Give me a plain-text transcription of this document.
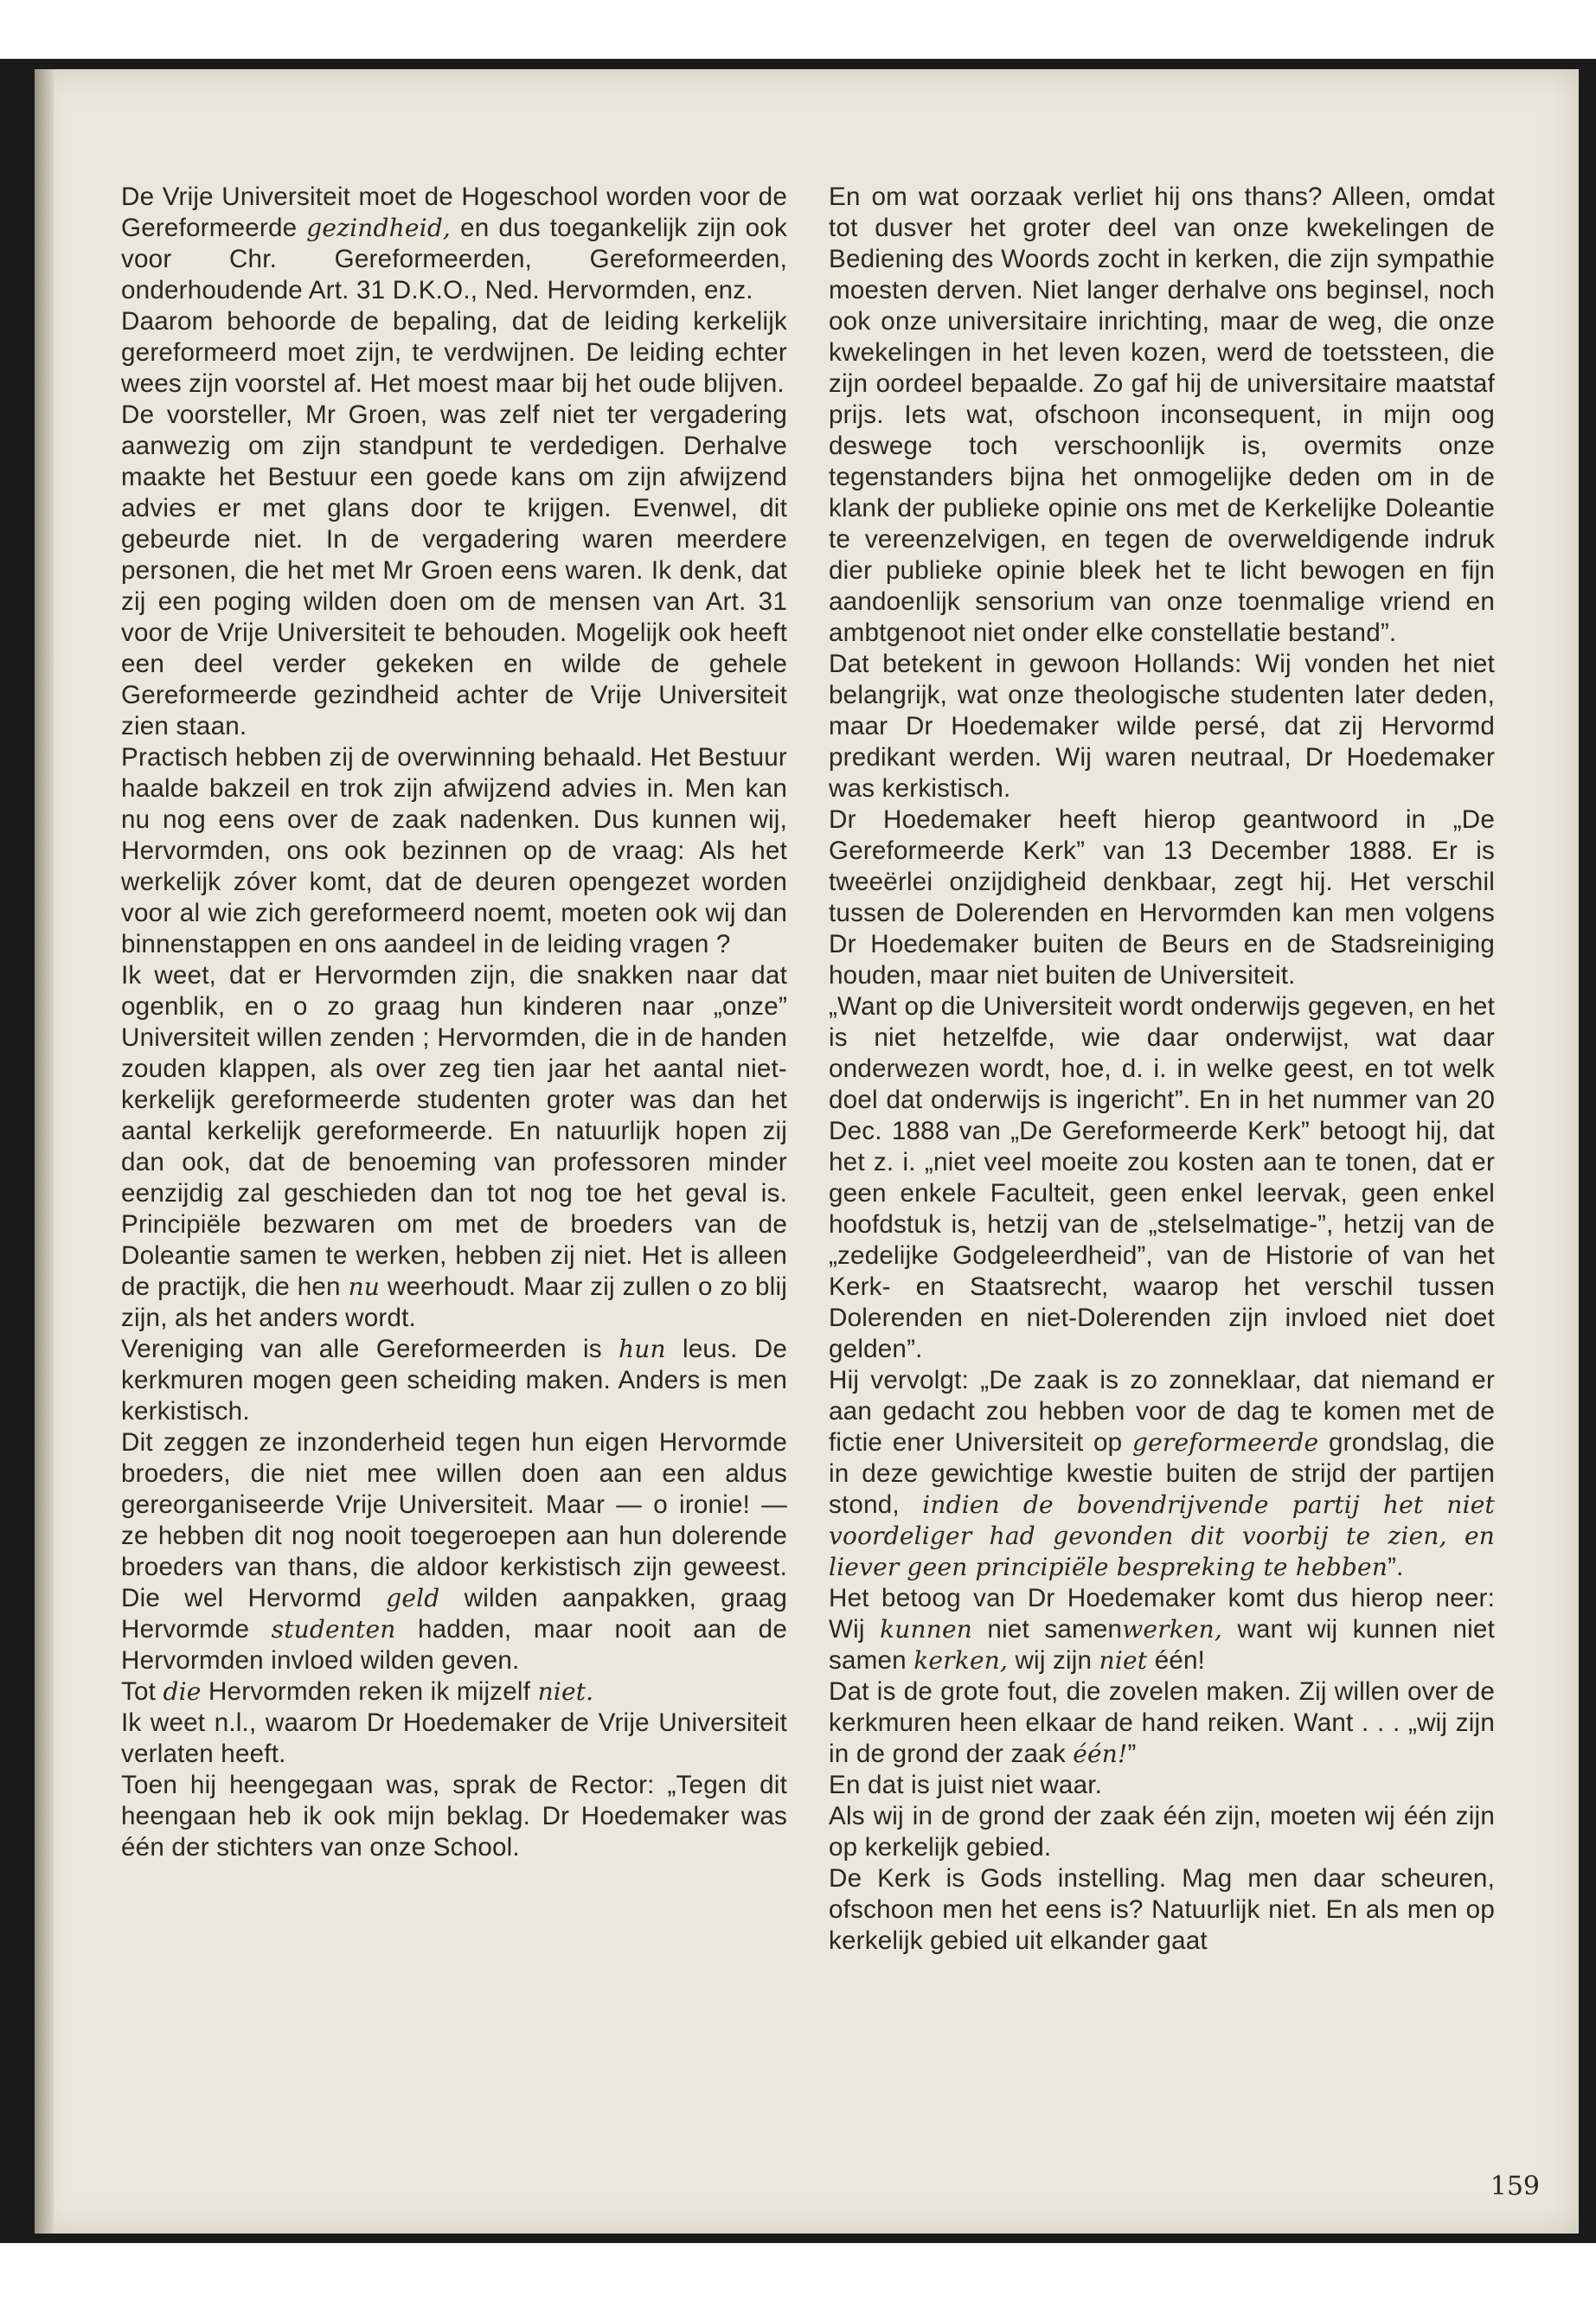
De Vrije Universiteit moet de Hogeschool worden voor de Gereformeerde gezindheid, en dus toegankelijk zijn ook voor Chr. Gereformeerden, Gereformeerden, onderhoudende Art. 31 D.K.O., Ned. Hervormden, enz.

Daarom behoorde de bepaling, dat de leiding kerkelijk gereformeerd moet zijn, te verdwijnen. De leiding echter wees zijn voorstel af. Het moest maar bij het oude blijven.

De voorsteller, Mr Groen, was zelf niet ter vergadering aanwezig om zijn standpunt te verdedigen. Derhalve maakte het Bestuur een goede kans om zijn afwijzend advies er met glans door te krijgen. Evenwel, dit gebeurde niet. In de vergadering waren meerdere personen, die het met Mr Groen eens waren. Ik denk, dat zij een poging wilden doen om de mensen van Art. 31 voor de Vrije Universiteit te behouden. Mogelijk ook heeft een deel verder gekeken en wilde de gehele Gereformeerde gezindheid achter de Vrije Universiteit zien staan.

Practisch hebben zij de overwinning behaald. Het Bestuur haalde bakzeil en trok zijn afwijzend advies in. Men kan nu nog eens over de zaak nadenken. Dus kunnen wij, Hervormden, ons ook bezinnen op de vraag: Als het werkelijk zóver komt, dat de deuren opengezet worden voor al wie zich gereformeerd noemt, moeten ook wij dan binnenstappen en ons aandeel in de leiding vragen ?

Ik weet, dat er Hervormden zijn, die snakken naar dat ogenblik, en o zo graag hun kinderen naar „onze” Universiteit willen zenden ; Hervormden, die in de handen zouden klappen, als over zeg tien jaar het aantal niet-kerkelijk gereformeerde studenten groter was dan het aantal kerkelijk gereformeerde. En natuurlijk hopen zij dan ook, dat de benoeming van professoren minder eenzijdig zal geschieden dan tot nog toe het geval is. Principiële bezwaren om met de broeders van de Doleantie samen te werken, hebben zij niet. Het is alleen de practijk, die hen nu weerhoudt. Maar zij zullen o zo blij zijn, als het anders wordt.

Vereniging van alle Gereformeerden is hun leus. De kerkmuren mogen geen scheiding maken. Anders is men kerkistisch.

Dit zeggen ze inzonderheid tegen hun eigen Hervormde broeders, die niet mee willen doen aan een aldus gereorganiseerde Vrije Universiteit. Maar — o ironie! — ze hebben dit nog nooit toegeroepen aan hun dolerende broeders van thans, die aldoor kerkistisch zijn geweest. Die wel Hervormd geld wilden aanpakken, graag Hervormde studenten hadden, maar nooit aan de Hervormden invloed wilden geven.

Tot die Hervormden reken ik mijzelf niet.

Ik weet n.l., waarom Dr Hoedemaker de Vrije Universiteit verlaten heeft.

Toen hij heengegaan was, sprak de Rector: „Tegen dit heengaan heb ik ook mijn beklag. Dr Hoedemaker was één der stichters van onze School.

En om wat oorzaak verliet hij ons thans? Alleen, omdat tot dusver het groter deel van onze kwekelingen de Bediening des Woords zocht in kerken, die zijn sympathie moesten derven. Niet langer derhalve ons beginsel, noch ook onze universitaire inrichting, maar de weg, die onze kwekelingen in het leven kozen, werd de toetssteen, die zijn oordeel bepaalde. Zo gaf hij de universitaire maatstaf prijs. Iets wat, ofschoon inconsequent, in mijn oog deswege toch verschoonlijk is, overmits onze tegenstanders bijna het onmogelijke deden om in de klank der publieke opinie ons met de Kerkelijke Doleantie te vereenzelvigen, en tegen de overweldigende indruk dier publieke opinie bleek het te licht bewogen en fijn aandoenlijk sensorium van onze toenmalige vriend en ambtgenoot niet onder elke constellatie bestand”.

Dat betekent in gewoon Hollands: Wij vonden het niet belangrijk, wat onze theologische studenten later deden, maar Dr Hoedemaker wilde persé, dat zij Hervormd predikant werden. Wij waren neutraal, Dr Hoedemaker was kerkistisch.

Dr Hoedemaker heeft hierop geantwoord in „De Gereformeerde Kerk” van 13 December 1888. Er is tweeërlei onzijdigheid denkbaar, zegt hij. Het verschil tussen de Dolerenden en Hervormden kan men volgens Dr Hoedemaker buiten de Beurs en de Stadsreiniging houden, maar niet buiten de Universiteit.

„Want op die Universiteit wordt onderwijs gegeven, en het is niet hetzelfde, wie daar onderwijst, wat daar onderwezen wordt, hoe, d. i. in welke geest, en tot welk doel dat onderwijs is ingericht”. En in het nummer van 20 Dec. 1888 van „De Gereformeerde Kerk” betoogt hij, dat het z. i. „niet veel moeite zou kosten aan te tonen, dat er geen enkele Faculteit, geen enkel leervak, geen enkel hoofdstuk is, hetzij van de „stelselmatige-”, hetzij van de „zedelijke Godgeleerdheid”, van de Historie of van het Kerk- en Staatsrecht, waarop het verschil tussen Dolerenden en niet-Dolerenden zijn invloed niet doet gelden”.

Hij vervolgt: „De zaak is zo zonneklaar, dat niemand er aan gedacht zou hebben voor de dag te komen met de fictie ener Universiteit op gereformeerde grondslag, die in deze gewichtige kwestie buiten de strijd der partijen stond, indien de bovendrijvende partij het niet voordeliger had gevonden dit voorbij te zien, en liever geen principiële bespreking te hebben”.

Het betoog van Dr Hoedemaker komt dus hierop neer: Wij kunnen niet samenwerken, want wij kunnen niet samen kerken, wij zijn niet één!

Dat is de grote fout, die zovelen maken. Zij willen over de kerkmuren heen elkaar de hand reiken. Want . . . „wij zijn in de grond der zaak één!”

En dat is juist niet waar.

Als wij in de grond der zaak één zijn, moeten wij één zijn op kerkelijk gebied.

De Kerk is Gods instelling. Mag men daar scheuren, ofschoon men het eens is? Natuurlijk niet. En als men op kerkelijk gebied uit elkander gaat

159
